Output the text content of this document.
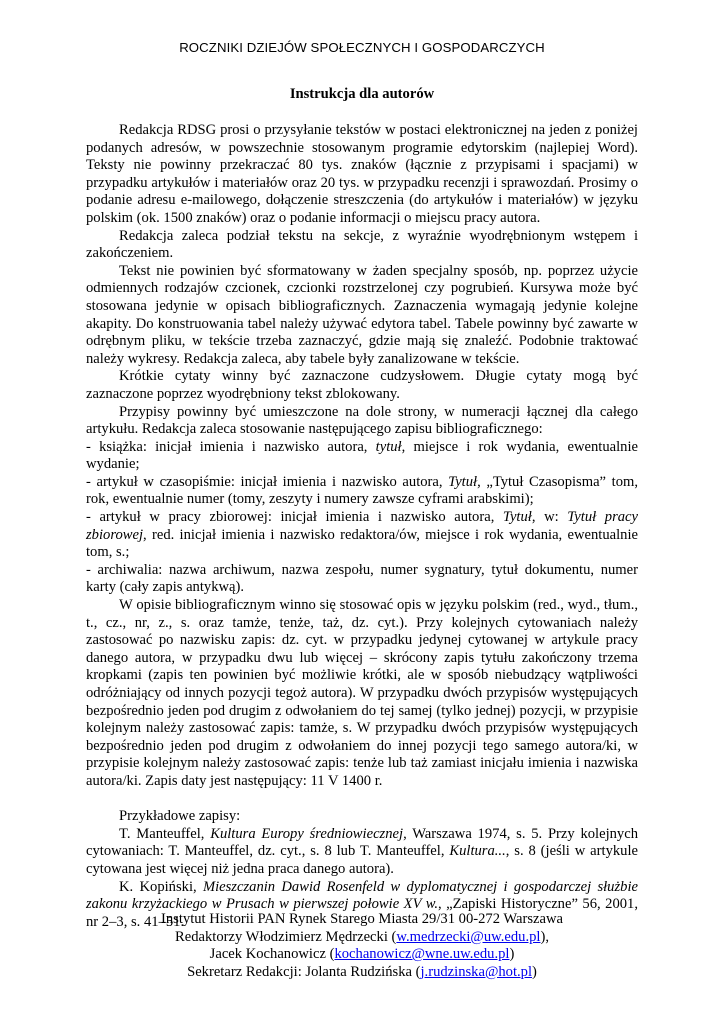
ROCZNIKI DZIEJÓW SPOŁECZNYCH I GOSPODARCZYCH
Instrukcja dla autorów

Redakcja RDSG prosi o przysyłanie tekstów w postaci elektronicznej na jeden z poniżej podanych adresów, w powszechnie stosowanym programie edytorskim (najlepiej Word). Teksty nie powinny przekraczać 80 tys. znaków (łącznie z przypisami i spacjami) w przypadku artykułów i materiałów oraz 20 tys. w przypadku recenzji i sprawozdań. Prosimy o podanie adresu e-mailowego, dołączenie streszczenia (do artykułów i materiałów) w języku polskim (ok. 1500 znaków) oraz o podanie informacji o miejscu pracy autora.

Redakcja zaleca podział tekstu na sekcje, z wyraźnie wyodrębnionym wstępem i zakończeniem.

Tekst nie powinien być sformatowany w żaden specjalny sposób, np. poprzez użycie odmiennych rodzajów czcionek, czcionki rozstrzelonej czy pogrubień. Kursywa może być stosowana jedynie w opisach bibliograficznych. Zaznaczenia wymagają jedynie kolejne akapity. Do konstruowania tabel należy używać edytora tabel. Tabele powinny być zawarte w odrębnym pliku, w tekście trzeba zaznaczyć, gdzie mają się znaleźć. Podobnie traktować należy wykresy. Redakcja zaleca, aby tabele były zanalizowane w tekście.

Krótkie cytaty winny być zaznaczone cudzysłowem. Długie cytaty mogą być zaznaczone poprzez wyodrębniony tekst zblokowany.

Przypisy powinny być umieszczone na dole strony, w numeracji łącznej dla całego artykułu. Redakcja zaleca stosowanie następującego zapisu bibliograficznego:

- książka: inicjał imienia i nazwisko autora, tytuł, miejsce i rok wydania, ewentualnie wydanie;

- artykuł w czasopiśmie: inicjał imienia i nazwisko autora, Tytuł, „Tytuł Czasopisma” tom, rok, ewentualnie numer (tomy, zeszyty i numery zawsze cyframi arabskimi);

- artykuł w pracy zbiorowej: inicjał imienia i nazwisko autora, Tytuł, w: Tytuł pracy zbiorowej, red. inicjał imienia i nazwisko redaktora/ów, miejsce i rok wydania, ewentualnie tom, s.;

- archiwalia: nazwa archiwum, nazwa zespołu, numer sygnatury, tytuł dokumentu, numer karty (cały zapis antykwą).

W opisie bibliograficznym winno się stosować opis w języku polskim (red., wyd., tłum., t., cz., nr, z., s. oraz tamże, tenże, taż, dz. cyt.). Przy kolejnych cytowaniach należy zastosować po nazwisku zapis: dz. cyt. w przypadku jedynej cytowanej w artykule pracy danego autora, w przypadku dwu lub więcej – skrócony zapis tytułu zakończony trzema kropkami (zapis ten powinien być możliwie krótki, ale w sposób niebudzący wątpliwości odróżniający od innych pozycji tegoż autora). W przypadku dwóch przypisów występujących bezpośrednio jeden pod drugim z odwołaniem do tej samej (tylko jednej) pozycji, w przypisie kolejnym należy zastosować zapis: tamże, s. W przypadku dwóch przypisów występujących bezpośrednio jeden pod drugim z odwołaniem do innej pozycji tego samego autora/ki, w przypisie kolejnym należy zastosować zapis: tenże lub taż zamiast inicjału imienia i nazwiska autora/ki. Zapis daty jest następujący: 11 V 1400 r.

Przykładowe zapisy:

T. Manteuffel, Kultura Europy średniowiecznej, Warszawa 1974, s. 5. Przy kolejnych cytowaniach: T. Manteuffel, dz. cyt., s. 8 lub T. Manteuffel, Kultura..., s. 8 (jeśli w artykule cytowana jest więcej niż jedna praca danego autora).

K. Kopiński, Mieszczanin Dawid Rosenfeld w dyplomatycznej i gospodarczej służbie zakonu krzyżackiego w Prusach w pierwszej połowie XV w., „Zapiski Historyczne” 56, 2001, nr 2–3, s. 41–51.

Instytut Historii PAN Rynek Starego Miasta 29/31 00-272 Warszawa

Redaktorzy Włodzimierz Mędrzecki (w.medrzecki@uw.edu.pl),

Jacek Kochanowicz (kochanowicz@wne.uw.edu.pl)

Sekretarz Redakcji: Jolanta Rudzińska (j.rudzinska@hot.pl)
